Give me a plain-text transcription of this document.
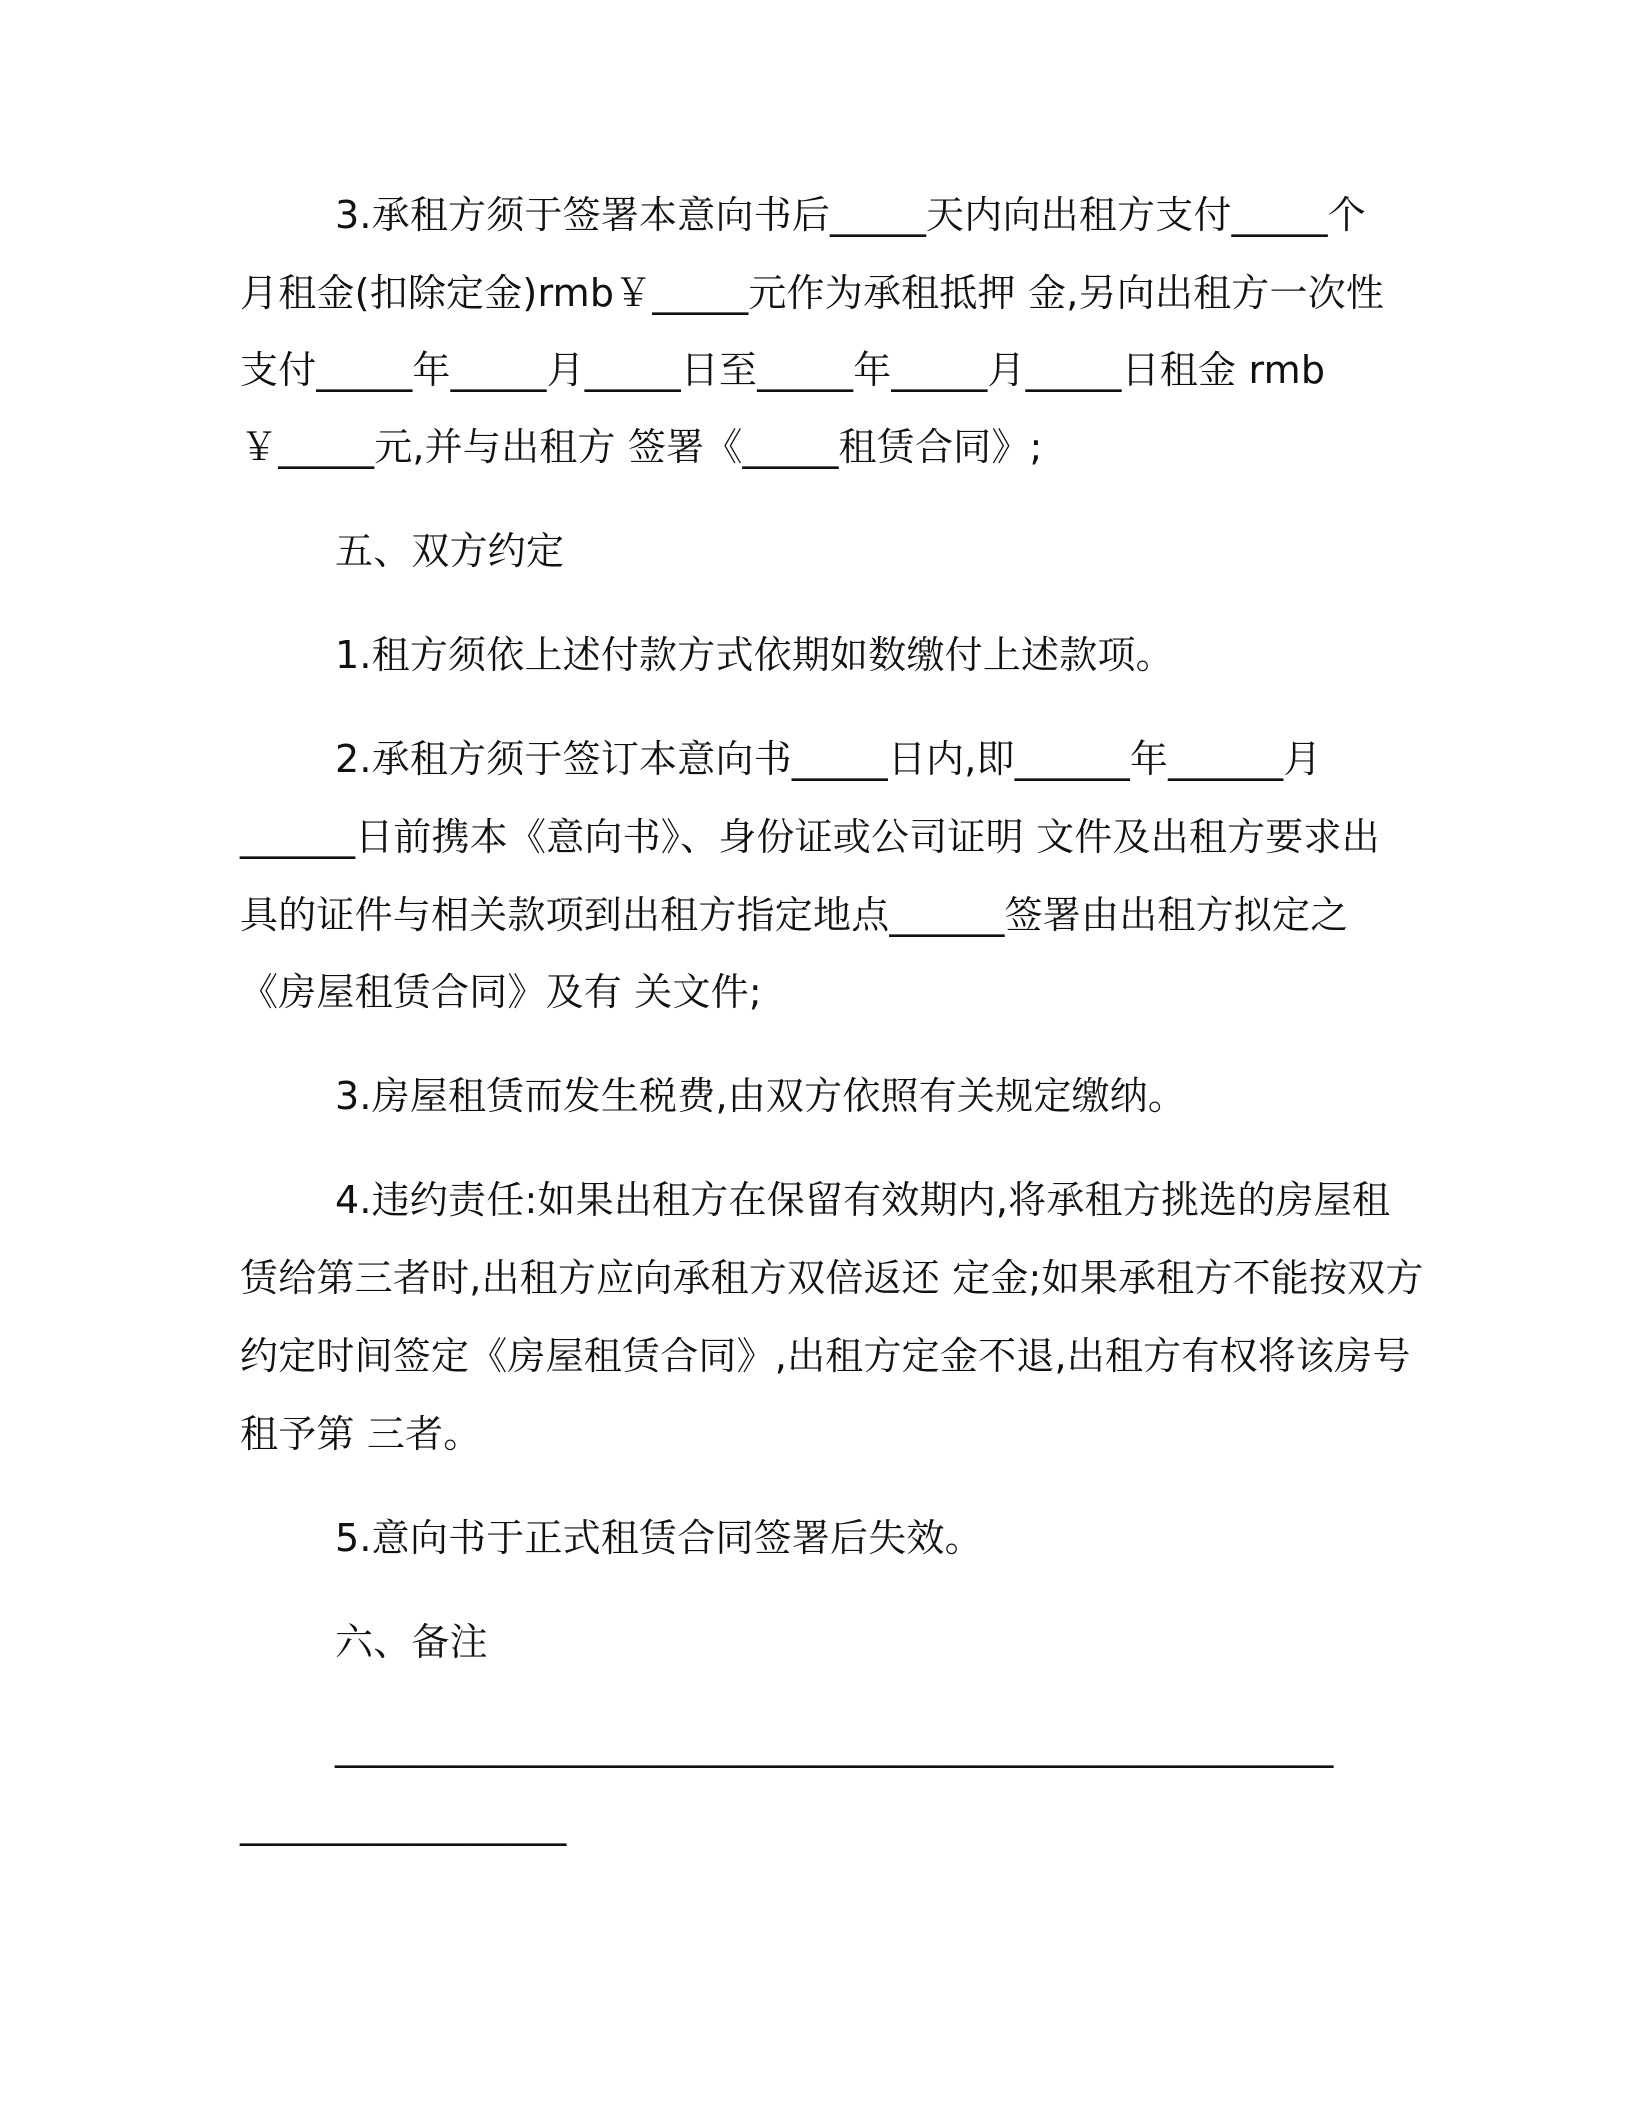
3.承租方须于签署本意向书后_____天内向出租方支付_____个
月租金(扣除定金)rmb￥_____元作为承租抵押 金,另向出租方一次性
支付_____年_____月_____日至_____年_____月_____日租金 rmb
￥_____元,并与出租方 签署《_____租赁合同》;
五、双方约定
1.租方须依上述付款方式依期如数缴付上述款项。
2.承租方须于签订本意向书_____日内,即______年______月
______日前携本《意向书》、身份证或公司证明 文件及出租方要求出
具的证件与相关款项到出租方指定地点______签署由出租方拟定之
《房屋租赁合同》及有 关文件;
3.房屋租赁而发生税费,由双方依照有关规定缴纳。
4.违约责任:如果出租方在保留有效期内,将承租方挑选的房屋租
赁给第三者时,出租方应向承租方双倍返还 定金;如果承租方不能按双方
约定时间签定《房屋租赁合同》,出租方定金不退,出租方有权将该房号
租予第 三者。
5.意向书于正式租赁合同签署后失效。
六、备注
____________________________________________________
_________________
